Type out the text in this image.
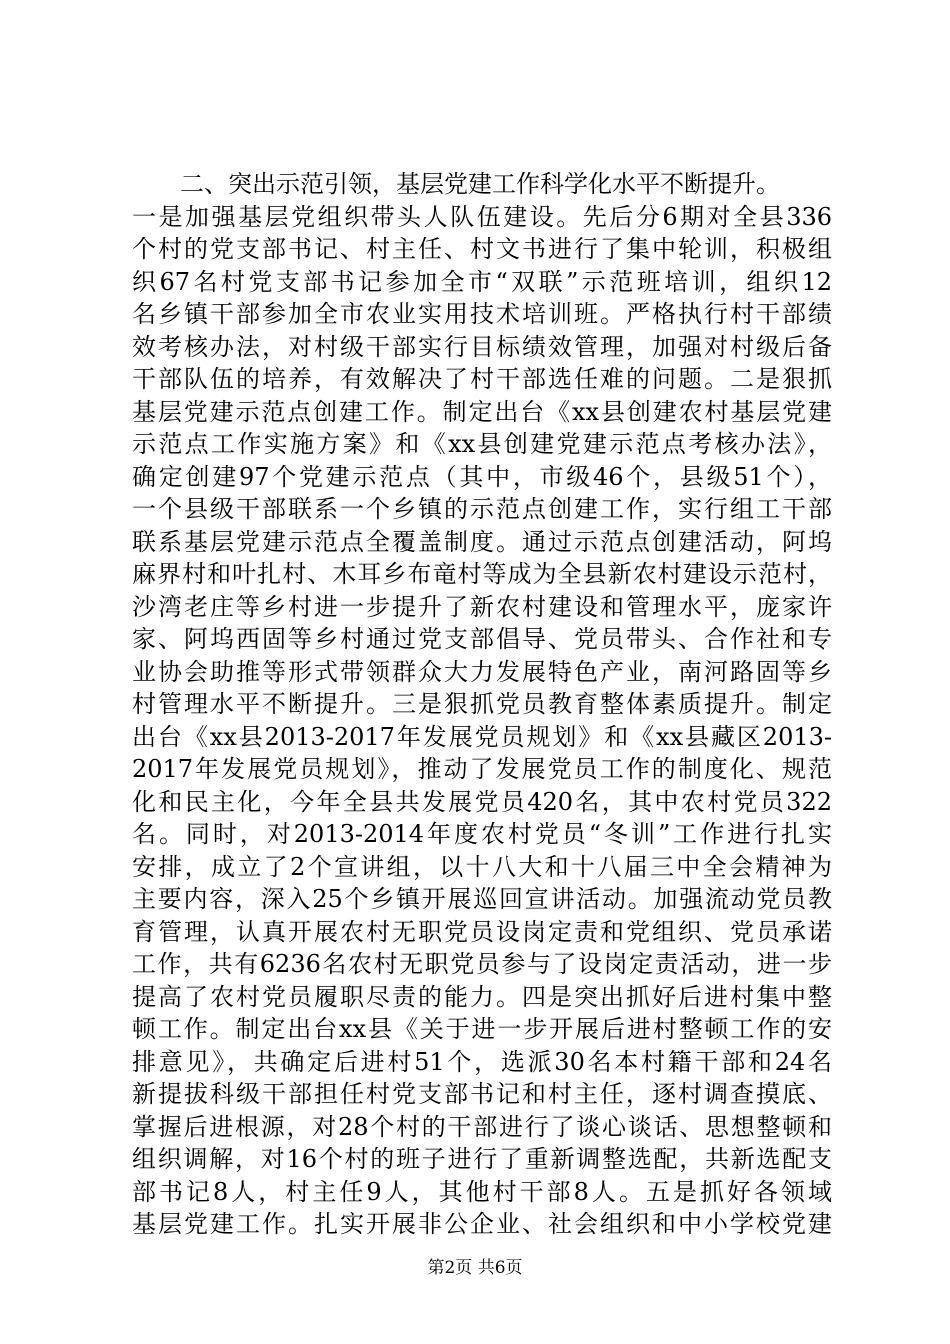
二、突出示范引领，基层党建工作科学化水平不断提升。
一是加强基层党组织带头人队伍建设。先后分6期对全县336
个村的党支部书记、村主任、村文书进行了集中轮训，积极组
织67名村党支部书记参加全市“双联”示范班培训，组织12
名乡镇干部参加全市农业实用技术培训班。严格执行村干部绩
效考核办法，对村级干部实行目标绩效管理，加强对村级后备
干部队伍的培养，有效解决了村干部选任难的问题。二是狠抓
基层党建示范点创建工作。制定出台《xx县创建农村基层党建
示范点工作实施方案》和《xx县创建党建示范点考核办法》，
确定创建97个党建示范点（其中，市级46个，县级51个），
一个县级干部联系一个乡镇的示范点创建工作，实行组工干部
联系基层党建示范点全覆盖制度。通过示范点创建活动，阿坞
麻界村和叶扎村、木耳乡布竜村等成为全县新农村建设示范村，
沙湾老庄等乡村进一步提升了新农村建设和管理水平，庞家许
家、阿坞西固等乡村通过党支部倡导、党员带头、合作社和专
业协会助推等形式带领群众大力发展特色产业，南河路固等乡
村管理水平不断提升。三是狠抓党员教育整体素质提升。制定
出台《xx县2013-2017年发展党员规划》和《xx县藏区2013-
2017年发展党员规划》，推动了发展党员工作的制度化、规范
化和民主化，今年全县共发展党员420名，其中农村党员322
名。同时，对2013-2014年度农村党员“冬训”工作进行扎实
安排，成立了2个宣讲组，以十八大和十八届三中全会精神为
主要内容，深入25个乡镇开展巡回宣讲活动。加强流动党员教
育管理，认真开展农村无职党员设岗定责和党组织、党员承诺
工作，共有6236名农村无职党员参与了设岗定责活动，进一步
提高了农村党员履职尽责的能力。四是突出抓好后进村集中整
顿工作。制定出台xx县《关于进一步开展后进村整顿工作的安
排意见》，共确定后进村51个，选派30名本村籍干部和24名
新提拔科级干部担任村党支部书记和村主任，逐村调查摸底、
掌握后进根源，对28个村的干部进行了谈心谈话、思想整顿和
组织调解，对16个村的班子进行了重新调整选配，共新选配支
部书记8人，村主任9人，其他村干部8人。五是抓好各领域
基层党建工作。扎实开展非公企业、社会组织和中小学校党建
第2页 共6页
